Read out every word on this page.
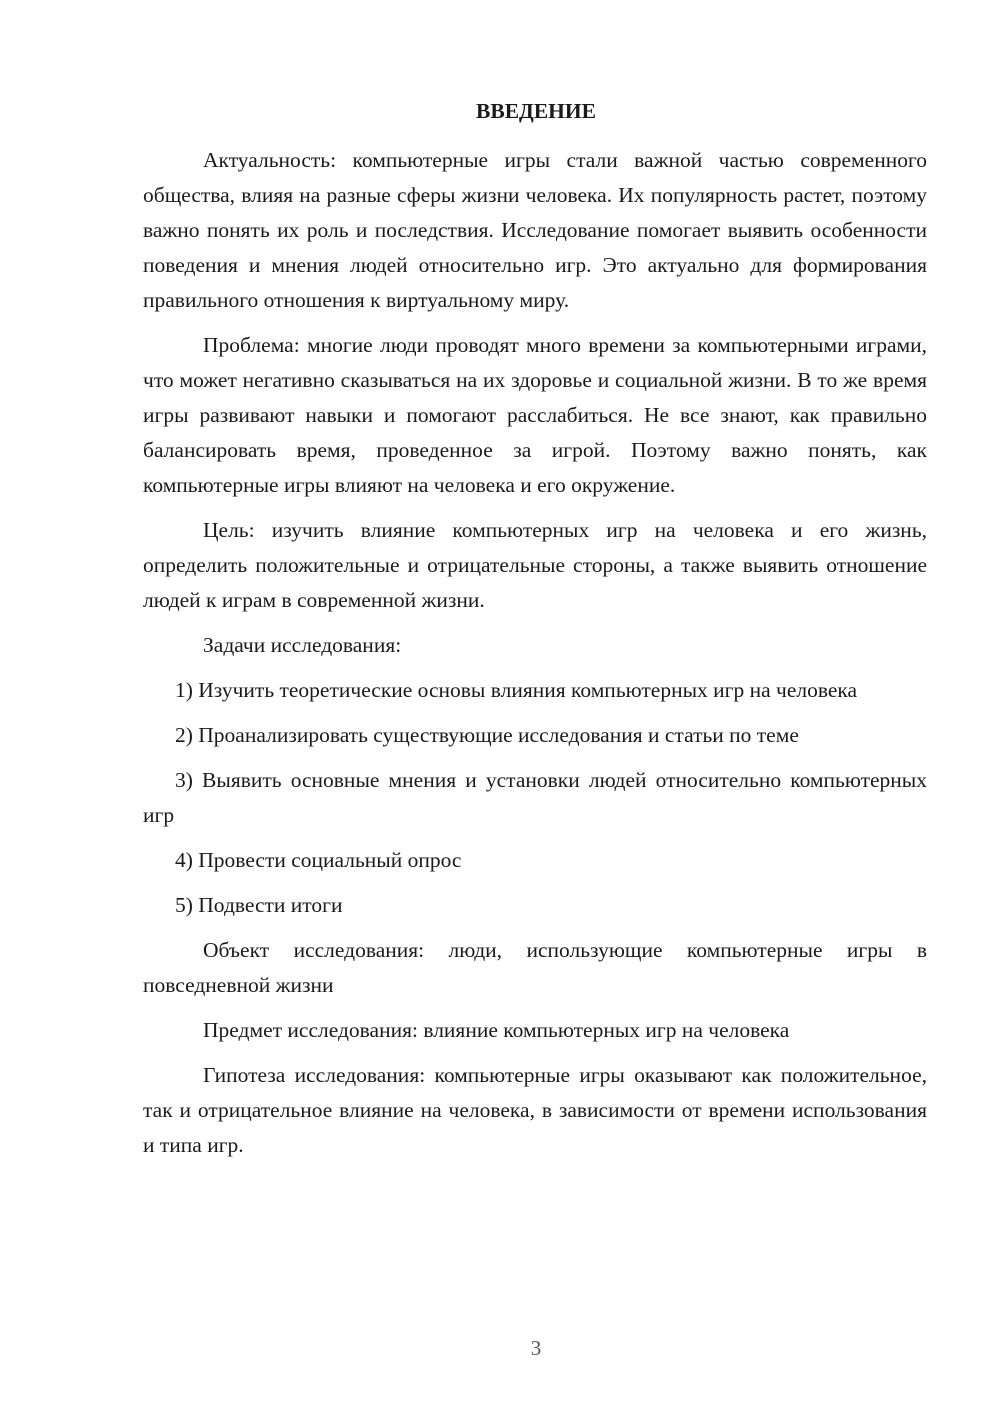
ВВЕДЕНИЕ

Актуальность: компьютерные игры стали важной частью современного общества, влияя на разные сферы жизни человека. Их популярность растет, поэтому важно понять их роль и последствия. Исследование помогает выявить особенности поведения и мнения людей относительно игр. Это актуально для формирования правильного отношения к виртуальному миру.

Проблема: многие люди проводят много времени за компьютерными играми, что может негативно сказываться на их здоровье и социальной жизни. В то же время игры развивают навыки и помогают расслабиться. Не все знают, как правильно балансировать время, проведенное за игрой. Поэтому важно понять, как компьютерные игры влияют на человека и его окружение.

Цель: изучить влияние компьютерных игр на человека и его жизнь, определить положительные и отрицательные стороны, а также выявить отношение людей к играм в современной жизни.

Задачи исследования:

1) Изучить теоретические основы влияния компьютерных игр на человека

2) Проанализировать существующие исследования и статьи по теме

3) Выявить основные мнения и установки людей относительно компьютерных игр

4) Провести социальный опрос

5) Подвести итоги

Объект исследования: люди, использующие компьютерные игры в повседневной жизни

Предмет исследования: влияние компьютерных игр на человека

Гипотеза исследования: компьютерные игры оказывают как положительное, так и отрицательное влияние на человека, в зависимости от времени использования и типа игр.

3
